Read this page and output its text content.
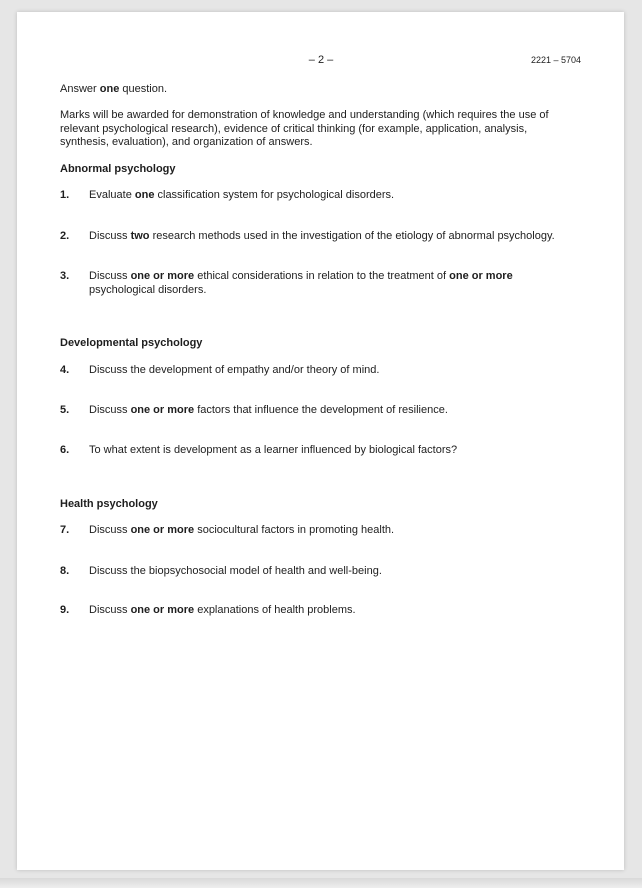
– 2 –	2221 – 5704
Answer one question.
Marks will be awarded for demonstration of knowledge and understanding (which requires the use of relevant psychological research), evidence of critical thinking (for example, application, analysis, synthesis, evaluation), and organization of answers.
Abnormal psychology
1. Evaluate one classification system for psychological disorders.
2. Discuss two research methods used in the investigation of the etiology of abnormal psychology.
3. Discuss one or more ethical considerations in relation to the treatment of one or more psychological disorders.
Developmental psychology
4. Discuss the development of empathy and/or theory of mind.
5. Discuss one or more factors that influence the development of resilience.
6. To what extent is development as a learner influenced by biological factors?
Health psychology
7. Discuss one or more sociocultural factors in promoting health.
8. Discuss the biopsychosocial model of health and well-being.
9. Discuss one or more explanations of health problems.
